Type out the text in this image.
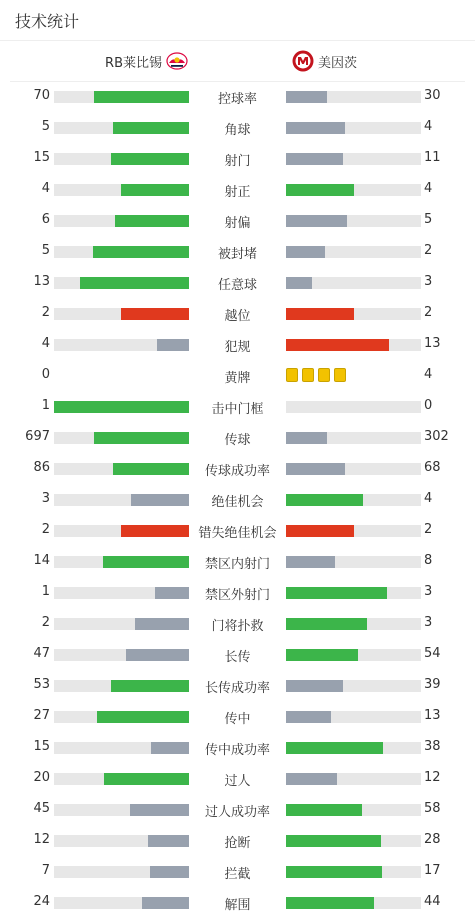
技术统计
RB莱比锡	美因茨
70	控球率	30
5	角球	4
15	射门	11
4	射正	4
6	射偏	5
5	被封堵	2
13	任意球	3
2	越位	2
4	犯规	13
0	黄牌	4
1	击中门框	0
697	传球	302
86	传球成功率	68
3	绝佳机会	4
2	错失绝佳机会	2
14	禁区内射门	8
1	禁区外射门	3
2	门将扑救	3
47	长传	54
53	长传成功率	39
27	传中	13
15	传中成功率	38
20	过人	12
45	过人成功率	58
12	抢断	28
7	拦截	17
24	解围	44
